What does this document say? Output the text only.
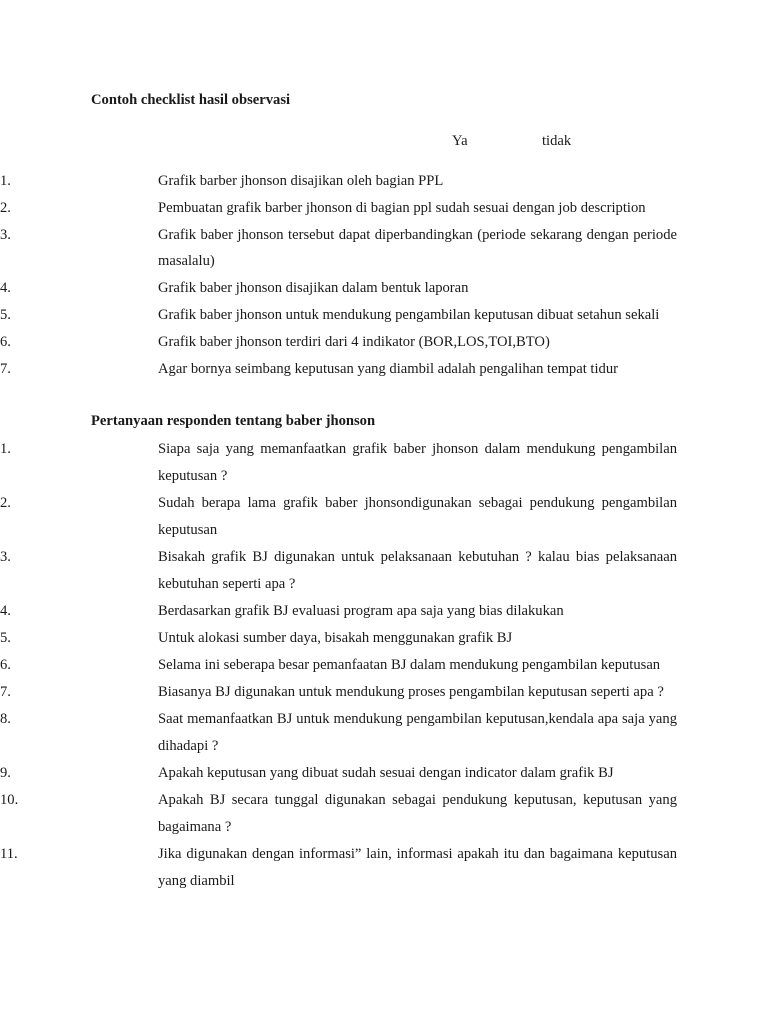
Contoh checklist hasil observasi
Ya	tidak
1.	Grafik barber jhonson disajikan oleh bagian PPL
2.	Pembuatan grafik barber jhonson di bagian ppl sudah sesuai dengan job description
3.	Grafik baber jhonson tersebut dapat diperbandingkan (periode sekarang dengan periode masalalu)
4.	Grafik baber jhonson disajikan dalam bentuk laporan
5.	Grafik baber jhonson untuk mendukung pengambilan keputusan dibuat setahun sekali
6.	Grafik baber jhonson terdiri dari 4 indikator (BOR,LOS,TOI,BTO)
7.	Agar bornya seimbang keputusan yang diambil adalah pengalihan tempat tidur
Pertanyaan responden tentang baber jhonson
1.	Siapa saja yang memanfaatkan grafik baber jhonson dalam mendukung pengambilan keputusan ?
2.	Sudah berapa lama grafik baber jhonsondigunakan sebagai pendukung pengambilan keputusan
3.	Bisakah grafik BJ digunakan untuk pelaksanaan kebutuhan ? kalau bias pelaksanaan kebutuhan seperti apa ?
4.	Berdasarkan grafik BJ evaluasi program apa saja yang bias dilakukan
5.	Untuk alokasi sumber daya, bisakah menggunakan grafik BJ
6.	Selama ini seberapa besar pemanfaatan BJ dalam mendukung pengambilan keputusan
7.	Biasanya BJ digunakan untuk mendukung proses pengambilan keputusan seperti apa ?
8.	Saat memanfaatkan BJ untuk mendukung pengambilan keputusan,kendala apa saja yang dihadapi ?
9.	Apakah keputusan yang dibuat sudah sesuai dengan indicator dalam grafik BJ
10.	Apakah BJ secara tunggal digunakan sebagai pendukung keputusan, keputusan yang bagaimana ?
11.	Jika digunakan dengan informasi” lain, informasi apakah itu dan bagaimana keputusan yang diambil
